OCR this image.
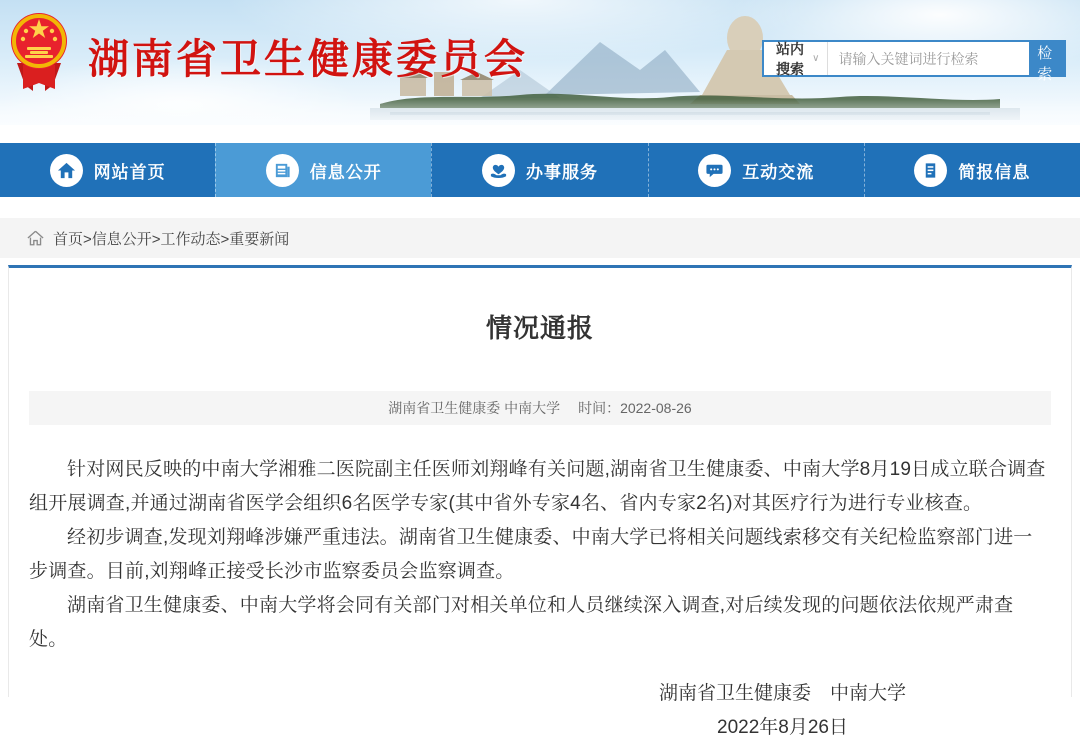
湖南省卫生健康委员会	站内搜索
∨
请输入关键词进行检索	检 索
网站首页	信息公开	办事服务	互动交流	简报信息
首页>信息公开>工作动态>重要新闻
情况通报
湖南省卫生健康委 中南大学 时间：2022-08-26

针对网民反映的中南大学湘雅二医院副主任医师刘翔峰有关问题,湖南省卫生健康委、中南大学8月19日成立联合调查组开展调查,并通过湖南省医学会组织6名医学专家(其中省外专家4名、省内专家2名)对其医疗行为进行专业核查。

经初步调查,发现刘翔峰涉嫌严重违法。湖南省卫生健康委、中南大学已将相关问题线索移交有关纪检监察部门进一步调查。目前,刘翔峰正接受长沙市监察委员会监察调查。

湖南省卫生健康委、中南大学将会同有关部门对相关单位和人员继续深入调查,对后续发现的问题依法依规严肃查处。

湖南省卫生健康委　中南大学
2022年8月26日
